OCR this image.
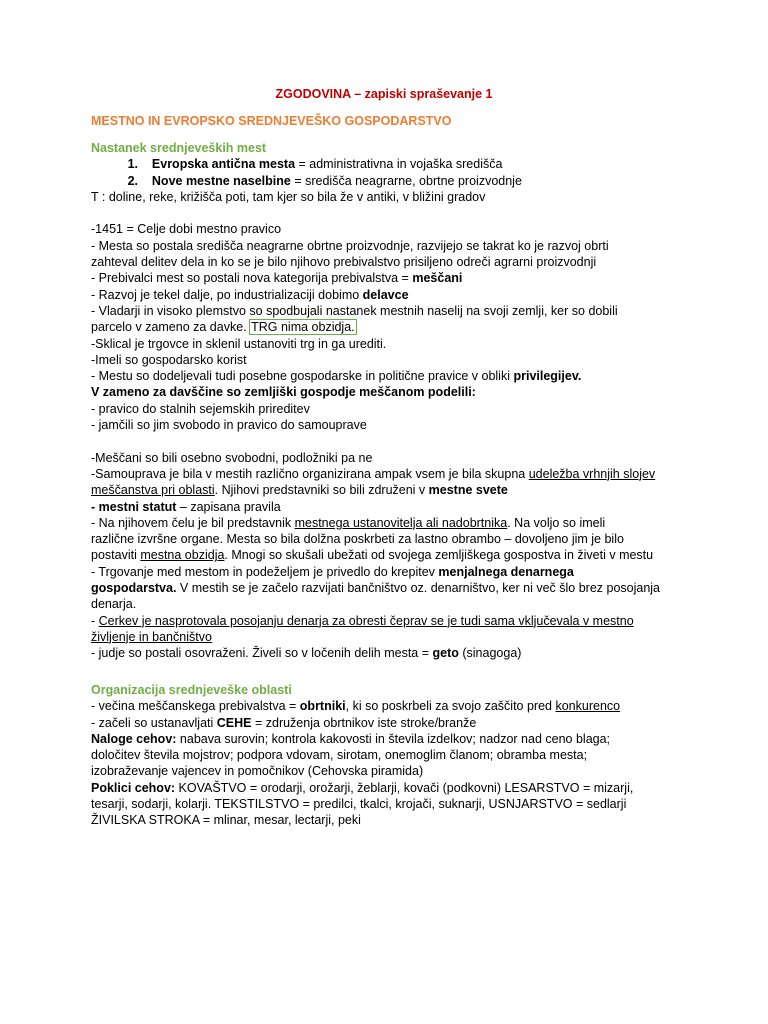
ZGODOVINA – zapiski spraševanje 1
MESTNO IN EVROPSKO SREDNJEVEŠKO GOSPODARSTVO
Nastanek srednjeveških mest
1. Evropska antična mesta = administrativna in vojaška središča
2. Nove mestne naselbine = središča neagrarne, obrtne proizvodnje
T : doline, reke, križišča poti, tam kjer so bila že v antiki, v bližini gradov
-1451 = Celje dobi mestno pravico
- Mesta so postala središča neagrarne obrtne proizvodnje, razvijejo se takrat ko je razvoj obrti
zahteval delitev dela in ko se je bilo njihovo prebivalstvo prisiljeno odreči agrarni proizvodnji
- Prebivalci mest so postali nova kategorija prebivalstva = meščani
- Razvoj je tekel dalje, po industrializaciji dobimo delavce
- Vladarji in visoko plemstvo so spodbujali nastanek mestnih naselij na svoji zemlji, ker so dobili
parcelo v zameno za davke. TRG nima obzidja.
-Sklical je trgovce in sklenil ustanoviti trg in ga urediti.
-Imeli so gospodarsko korist
- Mestu so dodeljevali tudi posebne gospodarske in politične pravice v obliki privilegijev.
V zameno za davščine so zemljiški gospodje meščanom podelili:
- pravico do stalnih sejemskih prireditev
- jamčili so jim svobodo in pravico do samouprave
-Meščani so bili osebno svobodni, podložniki pa ne
-Samouprava je bila v mestih različno organizirana ampak vsem je bila skupna udeležba vrhnjih slojev
meščanstva pri oblasti. Njihovi predstavniki so bili združeni v mestne svete
- mestni statut – zapisana pravila
- Na njihovem čelu je bil predstavnik mestnega ustanovitelja ali nadobrtnika. Na voljo so imeli
različne izvršne organe. Mesta so bila dolžna poskrbeti za lastno obrambo – dovoljeno jim je bilo
postaviti mestna obzidja. Mnogi so skušali ubežati od svojega zemljiškega gospostva in živeti v mestu
- Trgovanje med mestom in podeželjem je privedlo do krepitev menjalnega denarnega
gospodarstva. V mestih se je začelo razvijati bančništvo oz. denarništvo, ker ni več šlo brez posojanja
denarja.
- Cerkev je nasprotovala posojanju denarja za obresti čeprav se je tudi sama vključevala v mestno
življenje in bančništvo
- judje so postali osovraženi. Živeli so v ločenih delih mesta = geto (sinagoga)
Organizacija srednjeveške oblasti
- večina meščanskega prebivalstva = obrtniki, ki so poskrbeli za svojo zaščito pred konkurenco
- začeli so ustanavljati CEHE = združenja obrtnikov iste stroke/branže
Naloge cehov: nabava surovin; kontrola kakovosti in števila izdelkov; nadzor nad ceno blaga;
določitev števila mojstrov; podpora vdovam, sirotam, onemoglim članom; obramba mesta;
izobraževanje vajencev in pomočnikov (Cehovska piramida)
Poklici cehov: KOVAŠTVO = orodarji, orožarji, žeblarji, kovači (podkovni) LESARSTVO = mizarji,
tesarji, sodarji, kolarji. TEKSTILSTVO = predilci, tkalci, krojači, suknarji, USNJARSTVO = sedlarji
ŽIVILSKA STROKA = mlinar, mesar, lectarji, peki
